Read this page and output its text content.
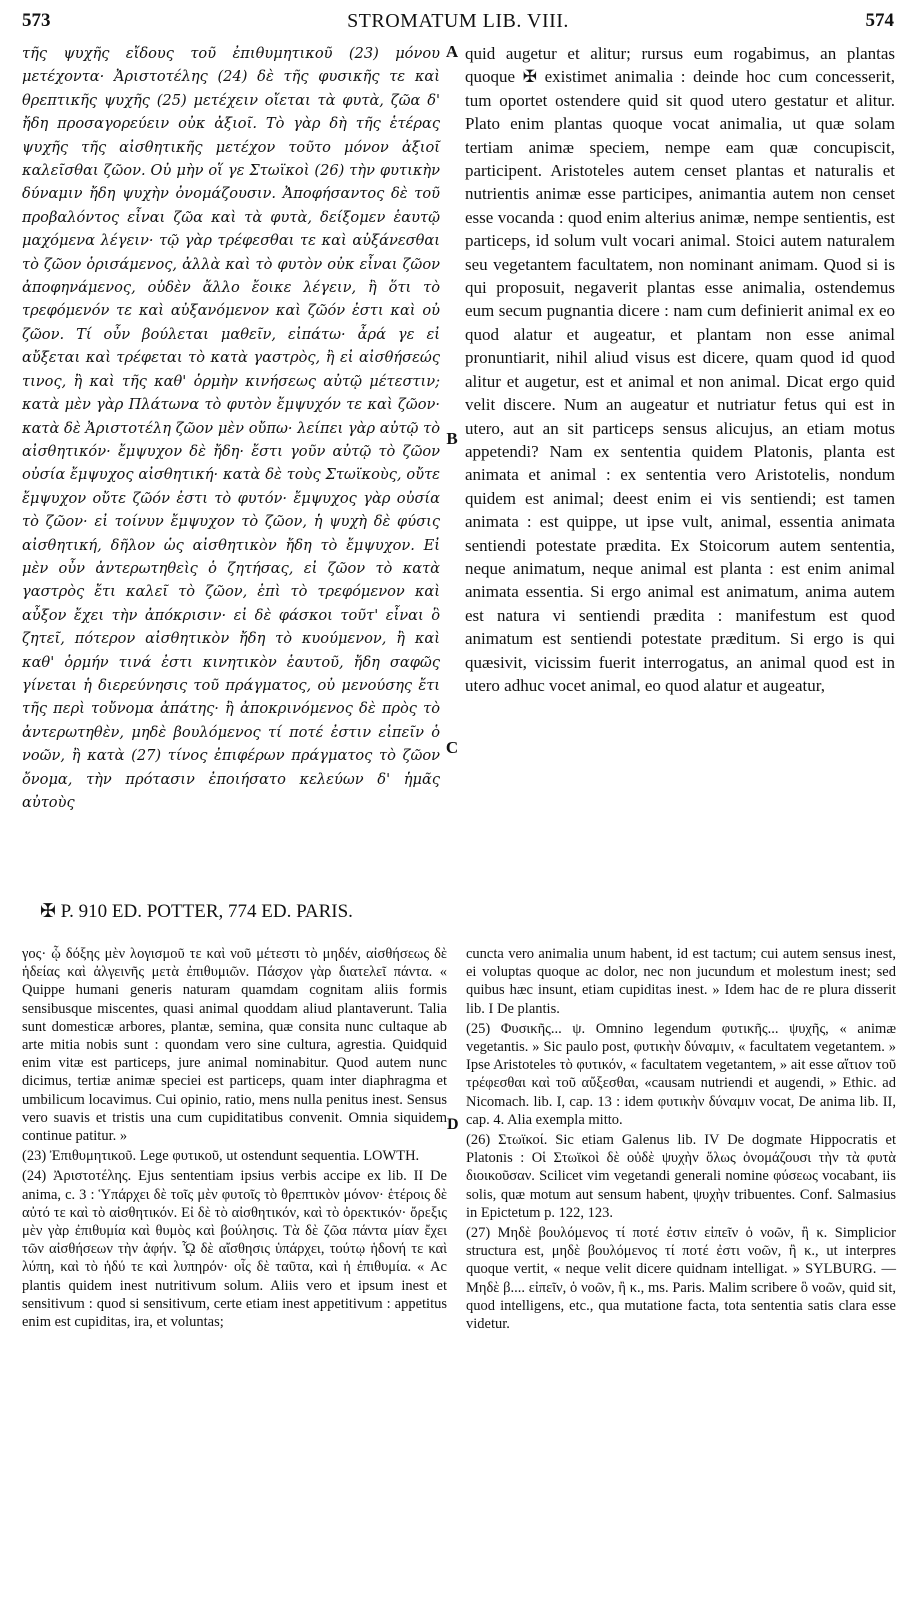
573	STROMATUM LIB. VIII.	574

τῆς ψυχῆς εἴδους τοῦ ἐπιθυμητικοῦ (23) μόνου μετέχοντα· Ἀριστοτέλης (24) δὲ τῆς φυσικῆς τε καὶ θρεπτικῆς ψυχῆς (25) μετέχειν οἴεται τὰ φυτὰ, ζῶα δ' ἤδη προσαγορεύειν οὐκ ἀξιοῖ. Τὸ γὰρ δὴ τῆς ἑτέρας ψυχῆς τῆς αἰσθητικῆς μετέχον τοῦτο μόνον ἀξιοῖ καλεῖσθαι ζῶον. Οὐ μὴν οἵ γε Στωϊκοὶ (26) τὴν φυτικὴν δύναμιν ἤδη ψυχὴν ὀνομάζουσιν. Ἀποφήσαντος δὲ τοῦ προβαλόντος εἶναι ζῶα καὶ τὰ φυτὰ, δείξομεν ἑαυτῷ μαχόμενα λέγειν· τῷ γὰρ τρέφεσθαι τε καὶ αὐξάνεσθαι τὸ ζῶον ὁρισάμενος, ἀλλὰ καὶ τὸ φυτὸν οὐκ εἶναι ζῶον ἀποφηνάμενος, οὐδὲν ἄλλο ἔοικε λέγειν, ἢ ὅτι τὸ τρεφόμενόν τε καὶ αὐξανόμενον καὶ ζῶόν ἐστι καὶ οὐ ζῶον. Τί οὖν βούλεται μαθεῖν, εἰπάτω· ἆρά γε εἰ αὔξεται καὶ τρέφεται τὸ κατὰ γαστρὸς, ἢ εἰ αἰσθήσεώς τινος, ἢ καὶ τῆς καθ' ὁρμὴν κινήσεως αὐτῷ μέτεστιν; κατὰ μὲν γὰρ Πλάτωνα τὸ φυτὸν ἔμψυχόν τε καὶ ζῶον· κατὰ δὲ Ἀριστοτέλη ζῶον μὲν οὔπω· λείπει γὰρ αὐτῷ τὸ αἰσθητικόν· ἔμψυχον δὲ ἤδη· ἔστι γοῦν αὐτῷ τὸ ζῶον οὐσία ἔμψυχος αἰσθητική· κατὰ δὲ τοὺς Στωϊκοὺς, οὔτε ἔμψυχον οὔτε ζῶόν ἐστι τὸ φυτόν· ἔμψυχος γὰρ οὐσία τὸ ζῶον· εἰ τοίνυν ἔμψυχον τὸ ζῶον, ἡ ψυχὴ δὲ φύσις αἰσθητική, δῆλον ὡς αἰσθητικὸν ἤδη τὸ ἔμψυχον. Εἰ μὲν οὖν ἀντερωτηθεὶς ὁ ζητήσας, εἰ ζῶον τὸ κατὰ γαστρὸς ἔτι καλεῖ τὸ ζῶον, ἐπὶ τὸ τρεφόμενον καὶ αὖξον ἔχει τὴν ἀπόκρισιν· εἰ δὲ φάσκοι τοῦτ' εἶναι ὃ ζητεῖ, πότερον αἰσθητικὸν ἤδη τὸ κυούμενον, ἢ καὶ καθ' ὁρμήν τινά ἐστι κινητικὸν ἑαυτοῦ, ἤδη σαφῶς γίνεται ἡ διερεύνησις τοῦ πράγματος, οὐ μενούσης ἔτι τῆς περὶ τοὔνομα ἀπάτης· ἢ ἀποκρινόμενος δὲ πρὸς τὸ ἀντερωτηθὲν, μηδὲ βουλόμενος τί ποτέ ἐστιν εἰπεῖν ὁ νοῶν, ἢ κατὰ (27) τίνος ἐπιφέρων πράγματος τὸ ζῶον ὄνομα, τὴν πρότασιν ἐποιήσατο κελεύων δ' ἡμᾶς αὐτοὺς

A
B
C

quid augetur et alitur; rursus eum rogabimus, an plantas quoque ✠ existimet animalia : deinde hoc cum concesserit, tum oportet ostendere quid sit quod utero gestatur et alitur. Plato enim plantas quoque vocat animalia, ut quæ solam tertiam animæ speciem, nempe eam quæ concupiscit, participent. Aristoteles autem censet plantas et naturalis et nutrientis animæ esse participes, animantia autem non censet esse vocanda : quod enim alterius animæ, nempe sentientis, est particeps, id solum vult vocari animal. Stoici autem naturalem seu vegetantem facultatem, non nominant animam. Quod si is qui proposuit, negaverit plantas esse animalia, ostendemus eum secum pugnantia dicere : nam cum definierit animal ex eo quod alatur et augeatur, et plantam non esse animal pronuntiarit, nihil aliud visus est dicere, quam quod id quod alitur et augetur, est et animal et non animal. Dicat ergo quid velit discere. Num an augeatur et nutriatur fetus qui est in utero, aut an sit particeps sensus alicujus, an etiam motus appetendi? Nam ex sententia quidem Platonis, planta est animata et animal : ex sententia vero Aristotelis, nondum quidem est animal; deest enim ei vis sentiendi; est tamen animata : est quippe, ut ipse vult, animal, essentia animata sentiendi potestate prædita. Ex Stoicorum autem sententia, neque animatum, neque animal est planta : est enim animal animata essentia. Si ergo animal est animatum, anima autem est natura vi sentiendi prædita : manifestum est quod animatum est sentiendi potestate præditum. Si ergo is qui quæsivit, vicissim fuerit interrogatus, an animal quod est in utero adhuc vocet animal, eo quod alatur et augeatur,

✠ P. 910 ED. POTTER, 774 ED. PARIS.

γος· ᾧ δόξης μὲν λογισμοῦ τε καὶ νοῦ μέτεστι τὸ μηδέν, αἰσθήσεως δὲ ἡδείας καὶ ἀλγεινῆς μετὰ ἐπιθυμιῶν. Πάσχον γὰρ διατελεῖ πάντα. « Quippe humani generis naturam quamdam cognitam aliis formis sensibusque miscentes, quasi animal quoddam aliud plantaverunt. Talia sunt domesticæ arbores, plantæ, semina, quæ consita nunc cultaque ab arte mitia nobis sunt : quondam vero sine cultura, agrestia. Quidquid enim vitæ est particeps, jure animal nominabitur. Quod autem nunc dicimus, tertiæ animæ speciei est particeps, quam inter diaphragma et umbilicum locavimus. Cui opinio, ratio, mens nulla penitus inest. Sensus vero suavis et tristis una cum cupiditatibus convenit. Omnia siquidem continue patitur. »

(23) Ἐπιθυμητικοῦ. Lege φυτικοῦ, ut ostendunt sequentia. LOWTH.

(24) Ἀριστοτέλης. Ejus sententiam ipsius verbis accipe ex lib. II De anima, c. 3 : Ὑπάρχει δὲ τοῖς μὲν φυτοῖς τὸ θρεπτικὸν μόνον· ἑτέροις δὲ αὐτό τε καὶ τὸ αἰσθητικόν. Εἰ δὲ τὸ αἰσθητικόν, καὶ τὸ ὀρεκτικόν· ὄρεξις μὲν γὰρ ἐπιθυμία καὶ θυμὸς καὶ βούλησις. Τὰ δὲ ζῶα πάντα μίαν ἔχει τῶν αἰσθήσεων τὴν ἁφήν. ᾯ δὲ αἴσθησις ὑπάρχει, τούτῳ ἡδονή τε καὶ λύπη, καὶ τὸ ἡδύ τε καὶ λυπηρόν· οἷς δὲ ταῦτα, καὶ ἡ ἐπιθυμία. « Ac plantis quidem inest nutritivum solum. Aliis vero et ipsum inest et sensitivum : quod si sensitivum, certe etiam inest appetitivum : appetitus enim est cupiditas, ira, et voluntas;

D

cuncta vero animalia unum habent, id est tactum; cui autem sensus inest, ei voluptas quoque ac dolor, nec non jucundum et molestum inest; sed quibus hæc insunt, etiam cupiditas inest. » Idem hac de re plura disserit lib. I De plantis.

(25) Φυσικῆς... ψ. Omnino legendum φυτικῆς... ψυχῆς, « animæ vegetantis. » Sic paulo post, φυτικὴν δύναμιν, « facultatem vegetantem. » Ipse Aristoteles τὸ φυτικόν, « facultatem vegetantem, » ait esse αἴτιον τοῦ τρέφεσθαι καὶ τοῦ αὔξεσθαι, «causam nutriendi et augendi, » Ethic. ad Nicomach. lib. I, cap. 13 : idem φυτικὴν δύναμιν vocat, De anima lib. II, cap. 4. Alia exempla mitto.

(26) Στωϊκοί. Sic etiam Galenus lib. IV De dogmate Hippocratis et Platonis : Οἱ Στωϊκοὶ δὲ οὐδὲ ψυχὴν ὅλως ὀνομάζουσι τὴν τὰ φυτὰ διοικοῦσαν. Scilicet vim vegetandi generali nomine φύσεως vocabant, iis solis, quæ motum aut sensum habent, ψυχὴν tribuentes. Conf. Salmasius in Epictetum p. 122, 123.

(27) Μηδὲ βουλόμενος τί ποτέ ἐστιν εἰπεῖν ὁ νοῶν, ἢ κ. Simplicior structura est, μηδὲ βουλόμενος τί ποτέ ἐστι νοῶν, ἢ κ., ut interpres quoque vertit, « neque velit dicere quidnam intelligat. » SYLBURG. — Μηδὲ β.... εἰπεῖν, ὁ νοῶν, ἢ κ., ms. Paris. Malim scribere ὃ νοῶν, quid sit, quod intelligens, etc., qua mutatione facta, tota sententia satis clara esse videtur.
